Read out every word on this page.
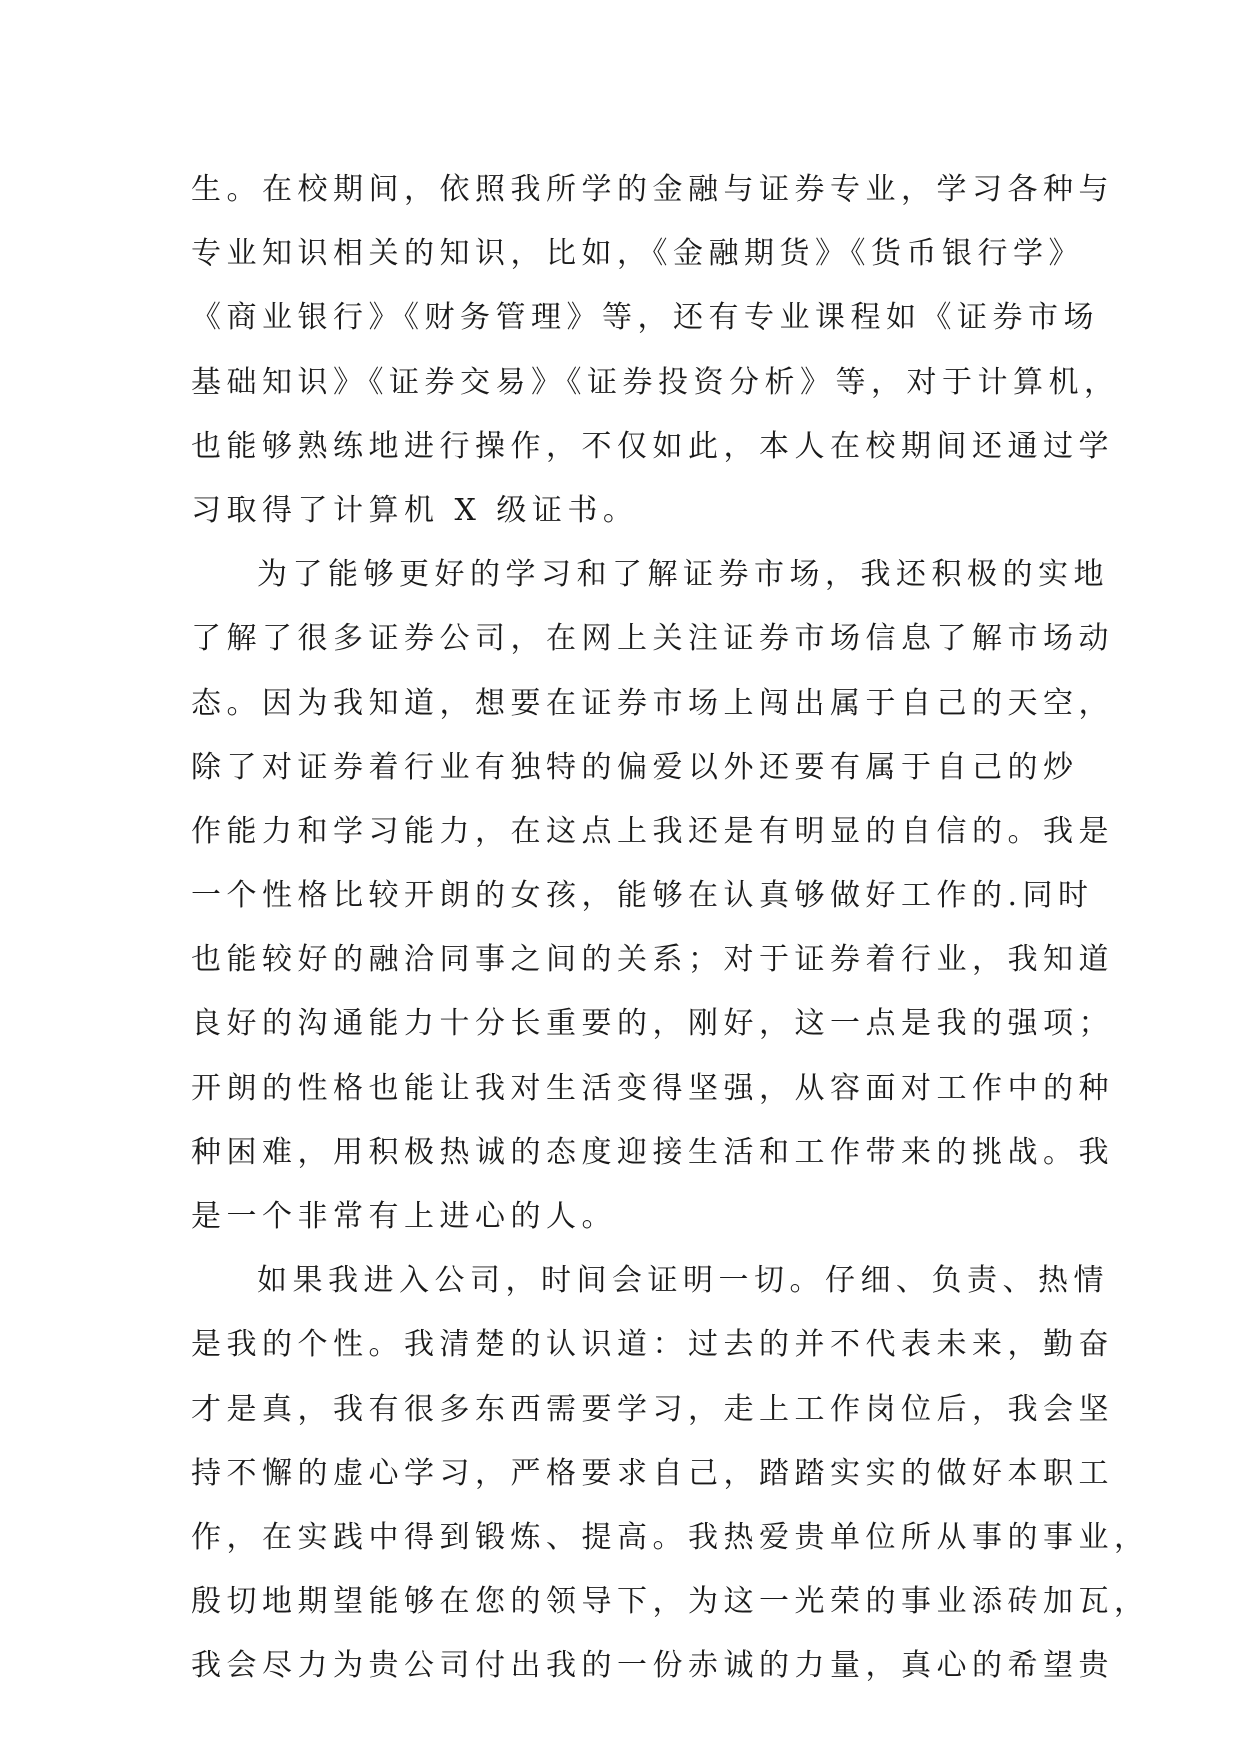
生。在校期间，依照我所学的金融与证券专业，学习各种与
专业知识相关的知识，比如，《金融期货》《货币银行学》
《商业银行》《财务管理》等，还有专业课程如《证券市场
基础知识》《证券交易》《证券投资分析》等，对于计算机，
也能够熟练地进行操作，不仅如此，本人在校期间还通过学
习取得了计算机 X 级证书。
为了能够更好的学习和了解证券市场，我还积极的实地
了解了很多证券公司，在网上关注证券市场信息了解市场动
态。因为我知道，想要在证券市场上闯出属于自己的天空，
除了对证券着行业有独特的偏爱以外还要有属于自己的炒
作能力和学习能力，在这点上我还是有明显的自信的。我是
一个性格比较开朗的女孩，能够在认真够做好工作的.同时
也能较好的融洽同事之间的关系；对于证券着行业，我知道
良好的沟通能力十分长重要的，刚好，这一点是我的强项；
开朗的性格也能让我对生活变得坚强，从容面对工作中的种
种困难，用积极热诚的态度迎接生活和工作带来的挑战。我
是一个非常有上进心的人。
如果我进入公司，时间会证明一切。仔细、负责、热情
是我的个性。我清楚的认识道：过去的并不代表未来，勤奋
才是真，我有很多东西需要学习，走上工作岗位后，我会坚
持不懈的虚心学习，严格要求自己，踏踏实实的做好本职工
作，在实践中得到锻炼、提高。我热爱贵单位所从事的事业，
殷切地期望能够在您的领导下，为这一光荣的事业添砖加瓦，
我会尽力为贵公司付出我的一份赤诚的力量，真心的希望贵
